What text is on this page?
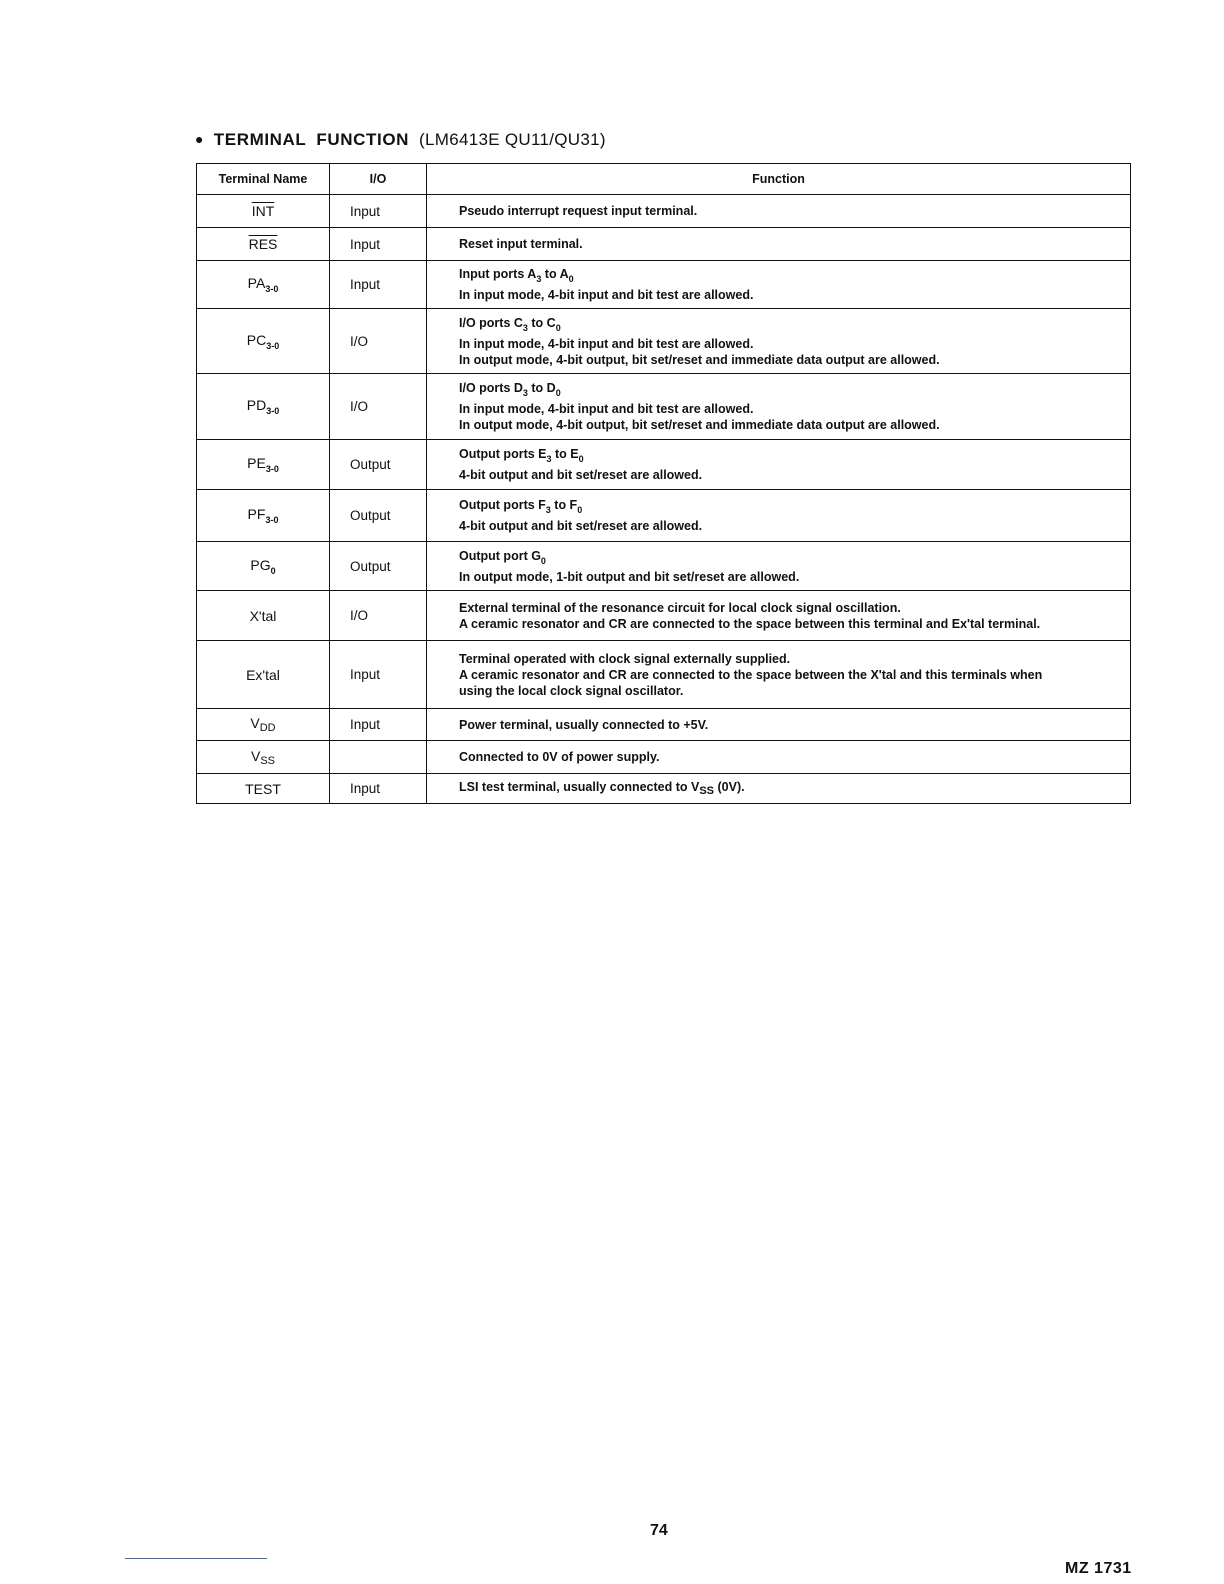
● TERMINAL FUNCTION (LM6413E QU11/QU31)
Terminal Name	I/O	Function
$\overline{INT}$	Input	Pseudo interrupt request input terminal.

$\overline{RES}$	Input	Reset input terminal.

$PA_{3-0}$	Input	Input ports $A_3$ to $A_0$
In input mode, 4-bit input and bit test are allowed.

$PC_{3-0}$	I/O	I/O ports $C_3$ to $C_0$
In input mode, 4-bit input and bit test are allowed.
In output mode, 4-bit output, bit set/reset and immediate data output are allowed.

$PD_{3-0}$	I/O	I/O ports $D_3$ to $D_0$
In input mode, 4-bit input and bit test are allowed.
In output mode, 4-bit output, bit set/reset and immediate data output are allowed.

$PE_{3-0}$	Output	Output ports $E_3$ to $E_0$
4-bit output and bit set/reset are allowed.

$PF_{3-0}$	Output	Output ports $F_3$ to $F_0$
4-bit output and bit set/reset are allowed.

$PG_0$	Output	Output port $G_0$
In output mode, 1-bit output and bit set/reset are allowed.

X'tal	I/O	External terminal of the resonance circuit for local clock signal oscillation.
A ceramic resonator and CR are connected to the space between this terminal and Ex'tal terminal.

Ex'tal	Input	Terminal operated with clock signal externally supplied.
A ceramic resonator and CR are connected to the space between the X'tal and this terminals when
using the local clock signal oscillator.

$V_{DD}$	Input	Power terminal, usually connected to +5V.

$V_{SS}$		Connected to 0V of power supply.

TEST	Input	LSI test terminal, usually connected to VSS (0V).
74
MZ 1731
